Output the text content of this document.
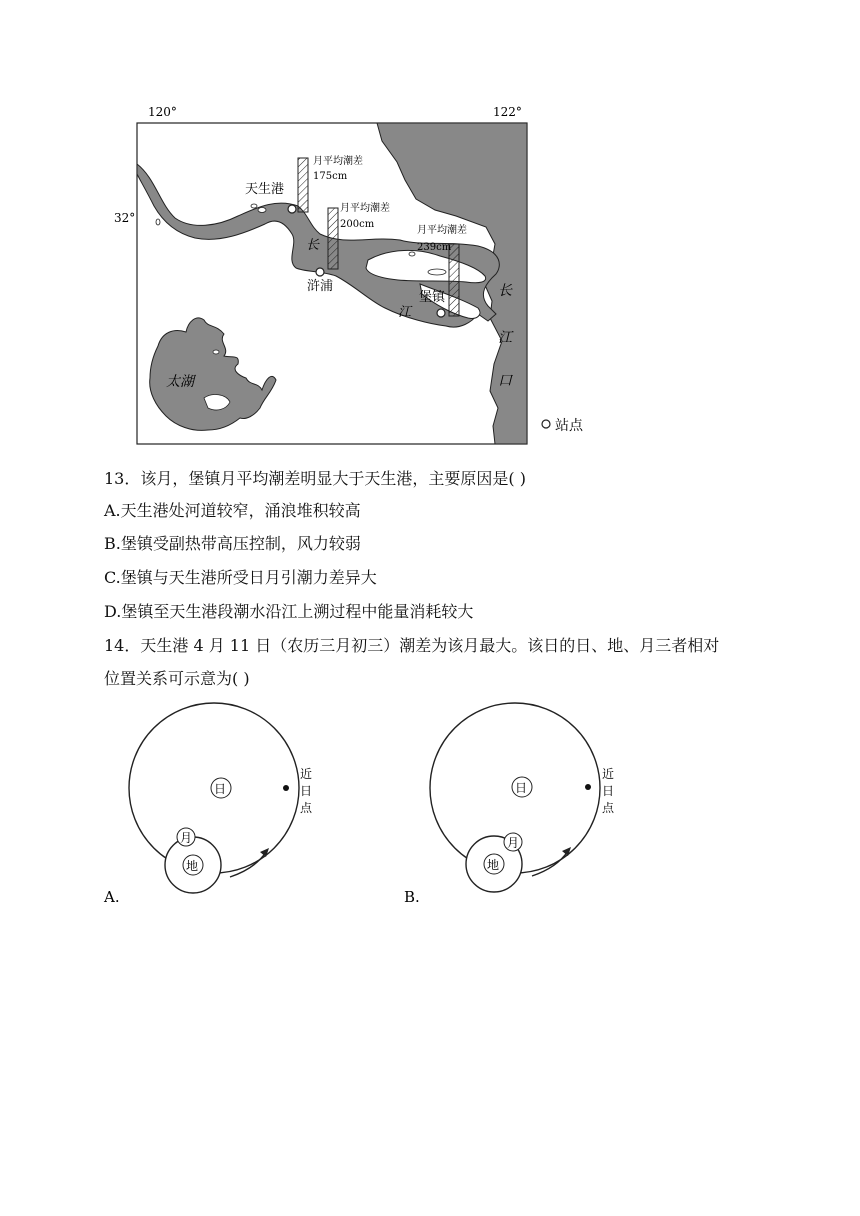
120°	122°
32°
天生港
月平均潮差
175cm
浒浦
月平均潮差
200cm
堡镇
月平均潮差
239cm
长
江
长
江
口
太湖
站点
13．该月，堡镇月平均潮差明显大于天生港，主要原因是( )
A.天生港处河道较窄，涌浪堆积较高
B.堡镇受副热带高压控制，风力较弱
C.堡镇与天生港所受日月引潮力差异大
D.堡镇至天生港段潮水沿江上溯过程中能量消耗较大
14．天生港 4 月 11 日（农历三月初三）潮差为该月最大。该日的日、地、月三者相对
位置关系可示意为( )
日
近
日
点
地
月
A.
日
近
日
点
地
月
B.
